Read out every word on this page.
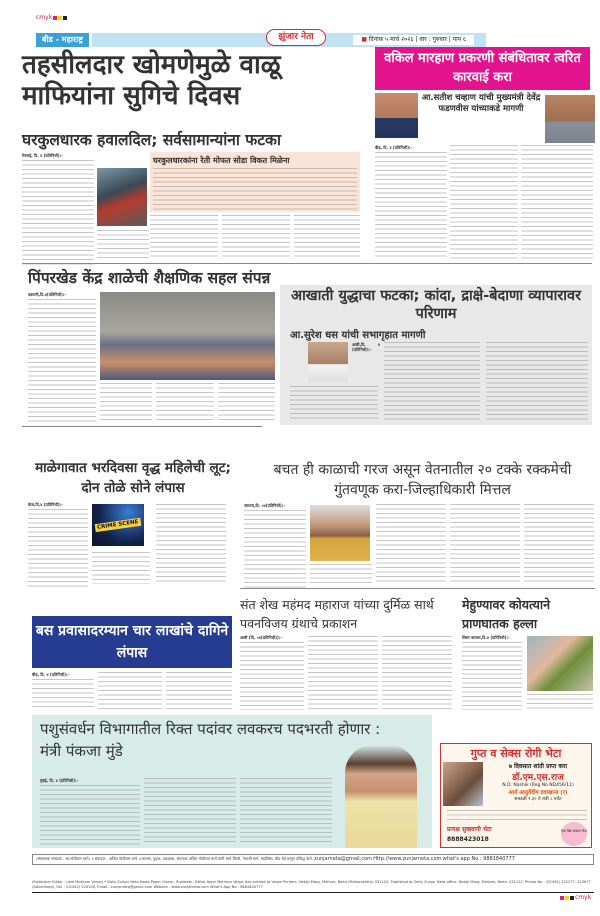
cmyk
बीड - महाराष्ट्र	झुंजार नेता	■ दिनांक ५ मार्च २०२६ | वार : गुरुवार | पान ६
तहसीलदार खोमणेमुळे वाळू माफियांना सुगिचे दिवस
घरकुलधारक हवालदिल; सर्वसामान्यांना फटका
गेवराई, दि. ४ (प्रतिनिधी):-
घरकुलधारकांना रेती मोफत सोडा विकत मिळेना
वकिल मारहाण प्रकरणी संबंधितावर त्वरित कारवाई करा
आ.सतीश चव्हाण यांची मुख्यमंत्री देवेंद्र फडणवीस यांच्याकडे मागणी
बीड, दि. ४ (प्रतिनिधी):-
पिंपरखेड केंद्र शाळेची शैक्षणिक सहल संपन्न
वडवणी,दि.४(प्रतिनिधी):-	आखाती युद्धाचा फटका; कांदा, द्राक्षे-बेदाणा व्यापारावर परिणाम
आ.सुरेश धस यांची सभागृहात मागणी
आष्टी,दि. ४ (प्रतिनिधी):-
माळेगावात भरदिवसा वृद्ध महिलेची लूट; दोन तोळे सोने लंपास
केज,दि.४ (प्रतिनिधी):-
CRIME SCENE
बचत ही काळाची गरज असून वेतनातील २० टक्के रक्कमेची गुंतवणूक करा-जिल्हाधिकारी मित्तल
जालना,दि. ०४(प्रतिनिधी):-
बस प्रवासादरम्यान चार लाखांचे दागिने लंपास
बीड, दि. ४ (प्रतिनिधी):-
संत शेख महंमद महाराज यांच्या दुर्मिळ सार्थ पवनविजय ग्रंथाचे प्रकाशन
आष्टी (दि. ०४(प्रतिनिधी)):-
मेहुण्यावर कोयत्याने प्राणघातक हल्ला
शिरुर कासार,दि.४ (प्रतिनिधी):-
पशुसंवर्धन विभागातील रिक्त पदांवर लवकरच पदभरती होणार : मंत्री पंकजा मुंडे
मुंबई, दि. ४ (प्रतिनिधी):-
गुप्त व सेक्स रोगी भेटा
७ दिवसात शांती प्राप्त करा
डॉ.एम.एस.राज
N.D. Nashik (Reg No ND456/11)
आर्य आयुर्वेदीय दवाखाना (र)
सकाळी १.३० ते रात्री ८ पर्यंत
प्रत्यक्ष सुखवानी भेटा
8888423018
एक वेळ अवश्य भेटा
(संस्थापक संपादक : स्व.मोतीराम वरपे) ॥ संपादक : अजित मोतीराम वरपे ॥ मालक, मुद्रक, प्रकाशक, संपादक अजित मोतीराम वरपे यांनी वरपे प्रिंटर्स, नेताजी मार्ग, माळीवेस, बीड येथे छापून प्रसिद्ध केले. zunjarneta@gmail.com Http://www.zunjarneta.com what's app No : 9881840777
(Estblisher Editor : Late Motiram Varpe) * Daily Zunjar Neta News Paper Owner, Publisher, Editor Ajeet Motiram Varpe Has printed at Varpe Printers, Netaji Marg, Malives, Beed (Maharashtra) 431122. Published at Daily Zunjar Neta office, Netaji Marg, Malives, Beed- 431122. Phone No : (02442) 222277, 223677 (Advertised), Fax : (02442) 224100, Email : zunjarneta@gmail.com Website : www.zunjarneta.com What's App No : 9881840777
cmyk
